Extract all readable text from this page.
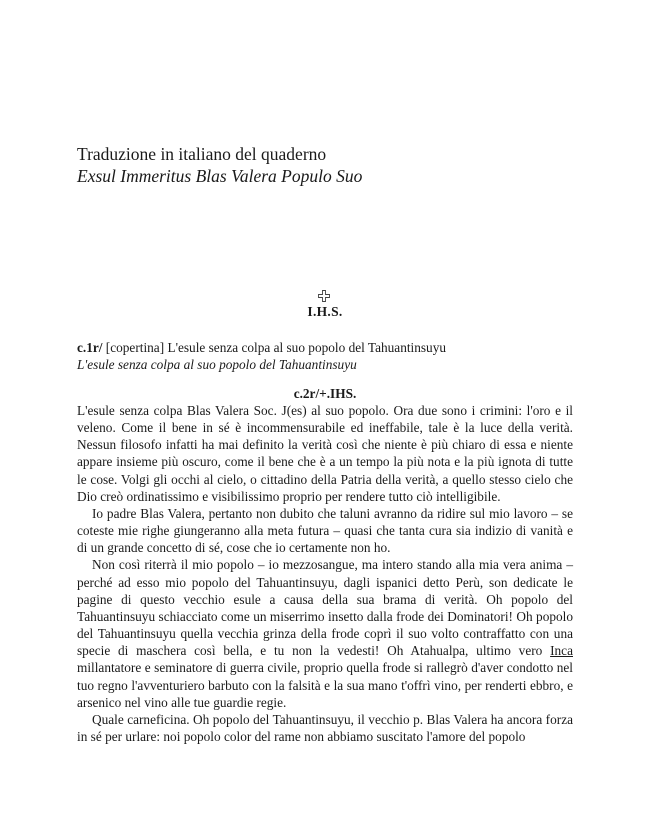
Traduzione in italiano del quaderno

Exsul Immeritus Blas Valera Populo Suo

I.H.S.

c.1r/ [copertina] L'esule senza colpa al suo popolo del Tahuantinsuyu

L'esule senza colpa al suo popolo del Tahuantinsuyu

c.2r/+.IHS.

L'esule senza colpa Blas Valera Soc. J(es) al suo popolo. Ora due sono i crimini: l'oro e il veleno. Come il bene in sé è incommensurabile ed ineffabile, tale è la luce della verità. Nessun filosofo infatti ha mai definito la verità così che niente è più chiaro di essa e niente appare insieme più oscuro, come il bene che è a un tempo la più nota e la più ignota di tutte le cose. Volgi gli occhi al cielo, o cittadino della Patria della verità, a quello stesso cielo che Dio creò ordinatissimo e visibilissimo proprio per rendere tutto ciò intelligibile.

Io padre Blas Valera, pertanto non dubito che taluni avranno da ridire sul mio lavoro – se coteste mie righe giungeranno alla meta futura – quasi che tanta cura sia indizio di vanità e di un grande concetto di sé, cose che io certamente non ho.

Non così riterrà il mio popolo – io mezzosangue, ma intero stando alla mia vera anima – perché ad esso mio popolo del Tahuantinsuyu, dagli ispanici detto Perù, son dedicate le pagine di questo vecchio esule a causa della sua brama di verità. Oh popolo del Tahuantinsuyu schiacciato come un miserrimo insetto dalla frode dei Dominatori! Oh popolo del Tahuantinsuyu quella vecchia grinza della frode coprì il suo volto contraffatto con una specie di maschera così bella, e tu non la vedesti! Oh Atahualpa, ultimo vero Inca millantatore e seminatore di guerra civile, proprio quella frode si rallegrò d'aver condotto nel tuo regno l'avventuriero barbuto con la falsità e la sua mano t'offrì vino, per renderti ebbro, e arsenico nel vino alle tue guardie regie.

Quale carneficina. Oh popolo del Tahuantinsuyu, il vecchio p. Blas Valera ha ancora forza in sé per urlare: noi popolo color del rame non abbiamo suscitato l'amore del popolo
